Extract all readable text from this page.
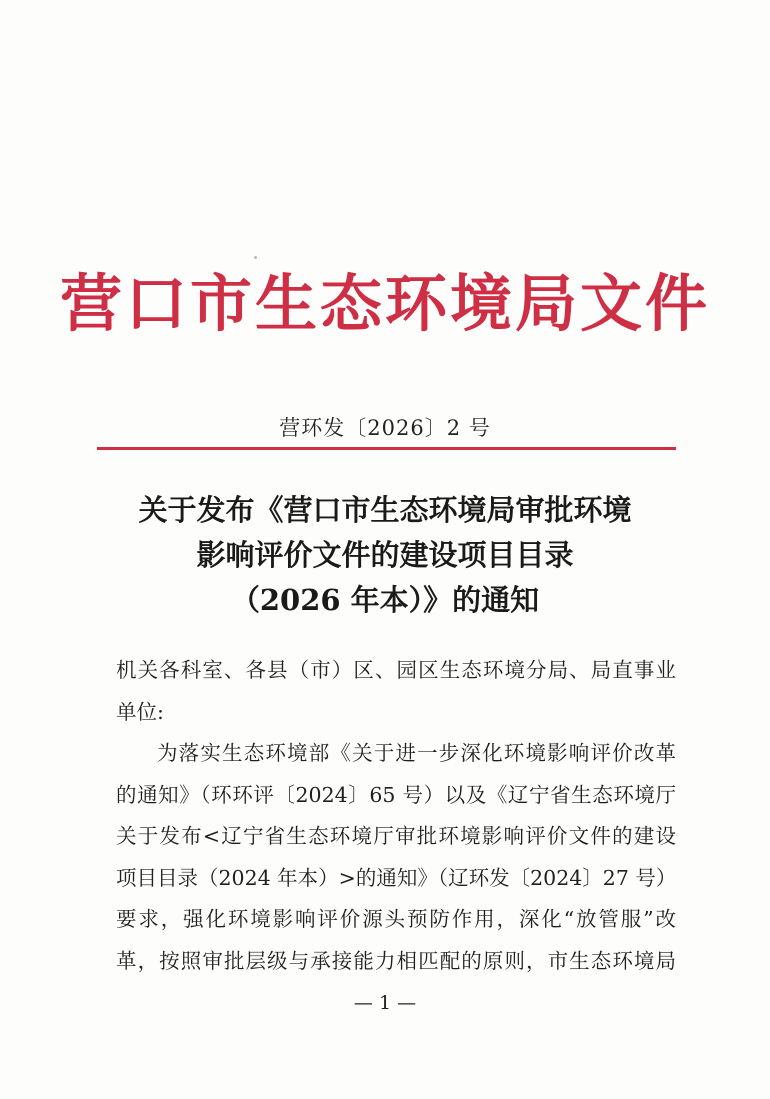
营口市生态环境局文件
营环发〔2026〕2 号
关于发布《营口市生态环境局审批环境
影响评价文件的建设项目目录
（2026 年本）》的通知
机关各科室、各县（市）区、园区生态环境分局、局直事业
单位:
为落实生态环境部《关于进一步深化环境影响评价改革
的通知》（环环评〔2024〕65 号）以及《辽宁省生态环境厅
关于发布<辽宁省生态环境厅审批环境影响评价文件的建设
项目目录（2024 年本）>的通知》（辽环发〔2024〕27 号）
要求，强化环境影响评价源头预防作用，深化“放管服”改
革，按照审批层级与承接能力相匹配的原则，市生态环境局
— 1 —
